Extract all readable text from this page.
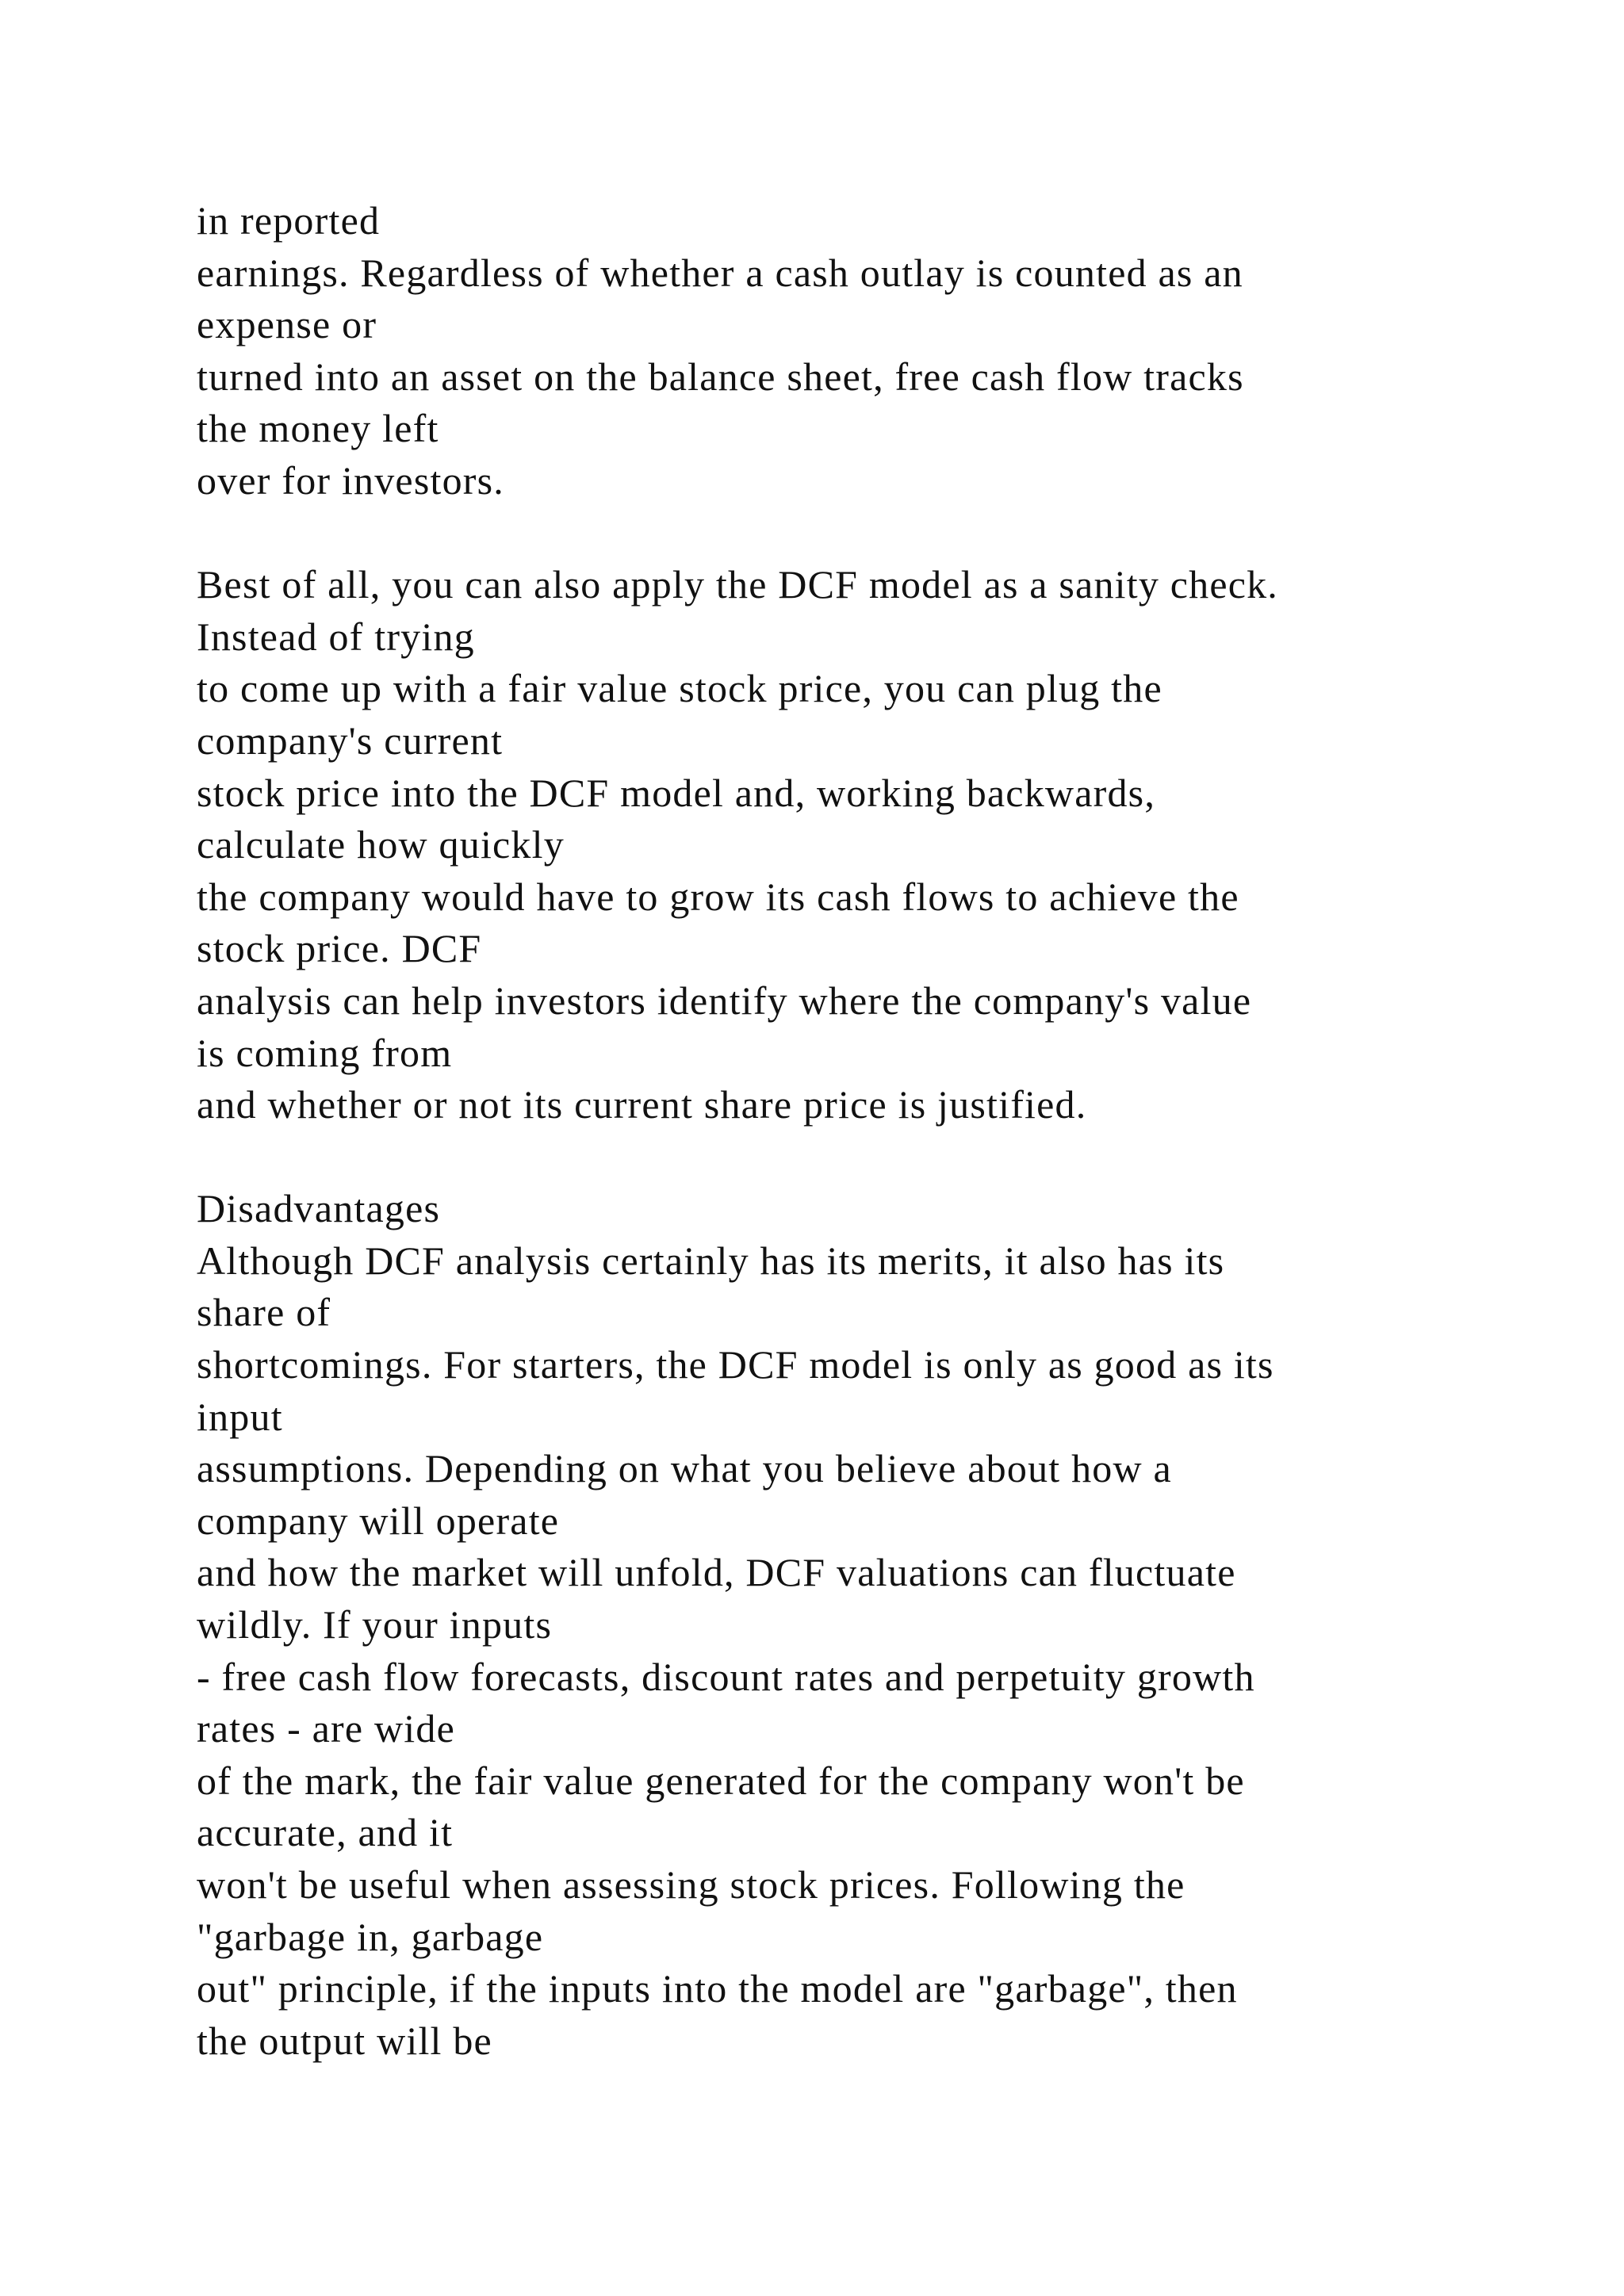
in reported
earnings. Regardless of whether a cash outlay is counted as an
expense or
turned into an asset on the balance sheet, free cash flow tracks
the money left
over for investors.
Best of all, you can also apply the DCF model as a sanity check.
Instead of trying
to come up with a fair value stock price, you can plug the
company's current
stock price into the DCF model and, working backwards,
calculate how quickly
the company would have to grow its cash flows to achieve the
stock price. DCF
analysis can help investors identify where the company's value
is coming from
and whether or not its current share price is justified.
Disadvantages
Although DCF analysis certainly has its merits, it also has its
share of
shortcomings. For starters, the DCF model is only as good as its
input
assumptions. Depending on what you believe about how a
company will operate
and how the market will unfold, DCF valuations can fluctuate
wildly. If your inputs
- free cash flow forecasts, discount rates and perpetuity growth
rates - are wide
of the mark, the fair value generated for the company won't be
accurate, and it
won't be useful when assessing stock prices. Following the
"garbage in, garbage
out" principle, if the inputs into the model are "garbage", then
the output will be
